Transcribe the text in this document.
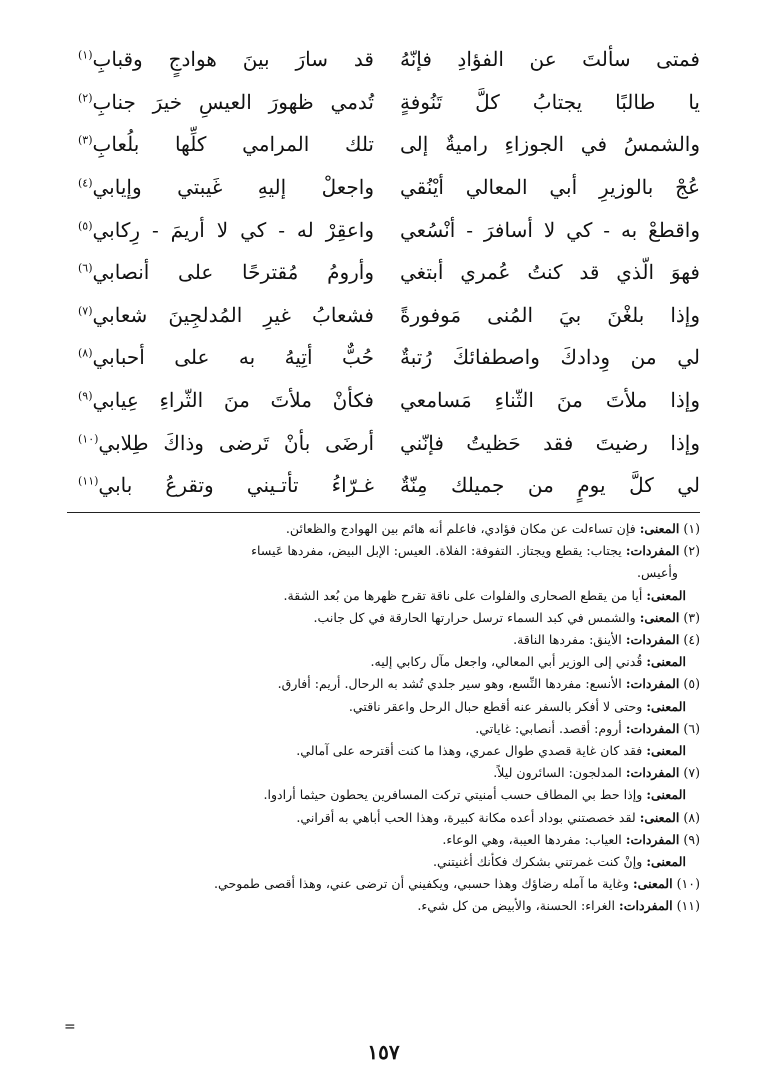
فمتى سألتَ عن الفؤادِ فإنّهُ
قد سارَ بينَ هوادجٍ وقبابِ$^{(١)}$
يا طالبًا يجتابُ كلَّ تَنُوفةٍ
تُدمي ظهورَ العيسِ خيرَ جنابِ$^{(٢)}$
والشمسُ في الجوزاءِ راميةٌ إلى
تلك المرامي كلِّها بلُعابِ$^{(٣)}$
عُجْ بالوزيرِ أبي المعالي أيْنُقي
واجعلْ إليهِ غَيبتي وإيابي$^{(٤)}$
واقطعْ به - كي لا أسافرَ - أنْسُعي
واعقِرْ له - كي لا أريمَ - رِكابي$^{(٥)}$
فهوَ الّذي قد كنتُ عُمري أبتغي
وأرومُ مُقترحًا على أنصابي$^{(٦)}$
وإذا بلغْنَ بيَ المُنى مَوفورةً
فشعابُ غيرِ المُدلجِينَ شعابي$^{(٧)}$
لي من وِدادكَ واصطفائكَ رُتبةٌ
حُبٌّ أتِيهُ به على أحبابي$^{(٨)}$
وإذا ملأتَ منَ الثّناءِ مَسامعي
فكأنْ ملأتَ منَ الثّراءِ عِيابي$^{(٩)}$
وإذا رضيتَ فقد حَظيتُ فإنّني
أرضَى بأنْ تَرضى وذاكَ طِلابي$^{(١٠)}$
لي كلَّ يومٍ من جميلك مِنّةٌ
غـرّاءُ تأتـيني وتقرعُ بابي$^{(١١)}$
(١) المعنى: فإن تساءلت عن مكان فؤادي، فاعلم أنه هائم بين الهوادج والظعائن.
(٢) المفردات: يجتاب: يقطع ويجتاز. التفوفة: الفلاة. العيس: الإبل البيض، مفردها عَيساء
وأعيس.
المعنى: أيا من يقطع الصحارى والفلوات على ناقة تقرح ظهرها من بُعد الشقة.
(٣) المعنى: والشمس في كبد السماء ترسل حرارتها الحارقة في كل جانب.
(٤) المفردات: الأينق: مفردها الناقة.
المعنى: قُدني إلى الوزير أبي المعالي، واجعل مآل ركابي إليه.
(٥) المفردات: الأنسع: مفردها النِّسع، وهو سير جلدي تُشد به الرحال. أريم: أفارق.
المعنى: وحتى لا أفكر بالسفر عنه أقطع حبال الرحل واعقر ناقتي.
(٦) المفردات: أروم: أقصد. أنصابي: غاياتي.
المعنى: فقد كان غاية قصدي طوال عمري، وهذا ما كنت أقترحه على آمالي.
(٧) المفردات: المدلجون: السائرون ليلاً.
المعنى: وإذا حط بي المطاف حسب أمنيتي تركت المسافرين يحطون حيثما أرادوا.
(٨) المعنى: لقد خصصتني بوداد أعده مكانة كبيرة، وهذا الحب أباهي به أقراني.
(٩) المفردات: العياب: مفردها العيبة، وهي الوعاء.
المعنى: وإنْ كنت غمرتني بشكرك فكأنك أغنيتني.
(١٠) المعنى: وغاية ما آمله رضاؤك وهذا حسبي، ويكفيني أن ترضى عني، وهذا أقصى طموحي.
(١١) المفردات: الغراء: الحسنة، والأبيض من كل شيء.
=
١٥٧
